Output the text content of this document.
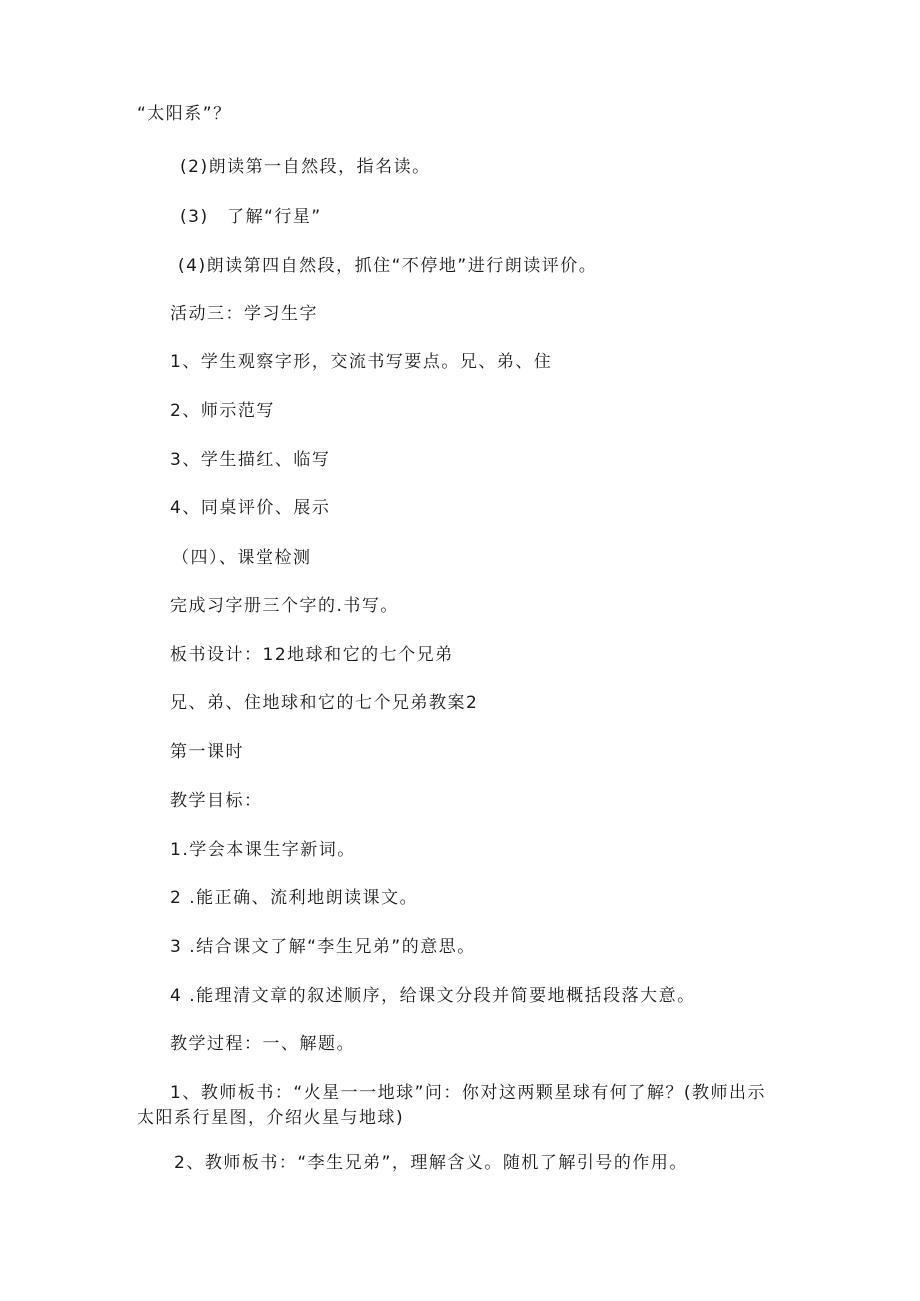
“太阳系”？
(2)朗读第一自然段，指名读。
(3)　了解“行星”
(4)朗读第四自然段，抓住“不停地”进行朗读评价。
活动三：学习生字
1、学生观察字形，交流书写要点。兄、弟、住
2、师示范写
3、学生描红、临写
4、同桌评价、展示
（四）、课堂检测
完成习字册三个字的.书写。
板书设计：12地球和它的七个兄弟
兄、弟、住地球和它的七个兄弟教案2
第一课时
教学目标：
1.学会本课生字新词。
2 .能正确、流利地朗读课文。
3 .结合课文了解“李生兄弟”的意思。
4 .能理清文章的叙述顺序，给课文分段并简要地概括段落大意。
教学过程：一、解题。
1、教师板书：“火星一一地球”问：你对这两颗星球有何了解？(教师出示
太阳系行星图，介绍火星与地球)
2、教师板书：“李生兄弟”，理解含义。随机了解引号的作用。
